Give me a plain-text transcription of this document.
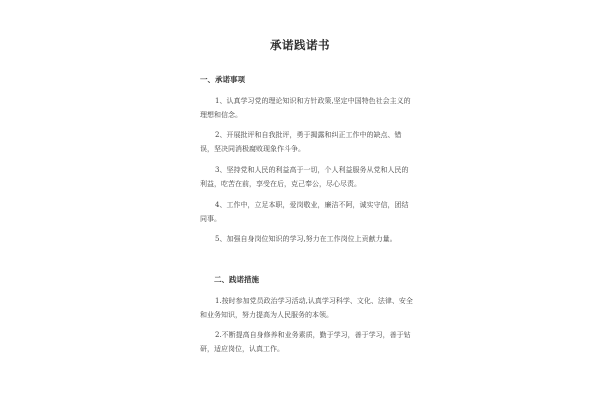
承诺践诺书
一、承诺事项

1、认真学习党的理论知识和方针政策,坚定中国特色社会主义的理想和信念。

2、开展批评和自我批评，勇于揭露和纠正工作中的缺点、错误，坚决同消极腐败现象作斗争。

3、坚持党和人民的利益高于一切，个人利益服务从党和人民的利益，吃苦在前，享受在后，克己奉公，尽心尽责。

4、工作中，立足本职，爱岗敬业，廉洁不阿，诚实守信，团结同事。

5、加强自身岗位知识的学习,努力在工作岗位上贡献力量。

二、践诺措施

1.按时参加党员政治学习活动,认真学习科学、文化、法律、安全和业务知识，努力提高为人民服务的本领。

2.不断提高自身修养和业务素质，勤于学习，善于学习，善于钻研，适应岗位，认真工作。
